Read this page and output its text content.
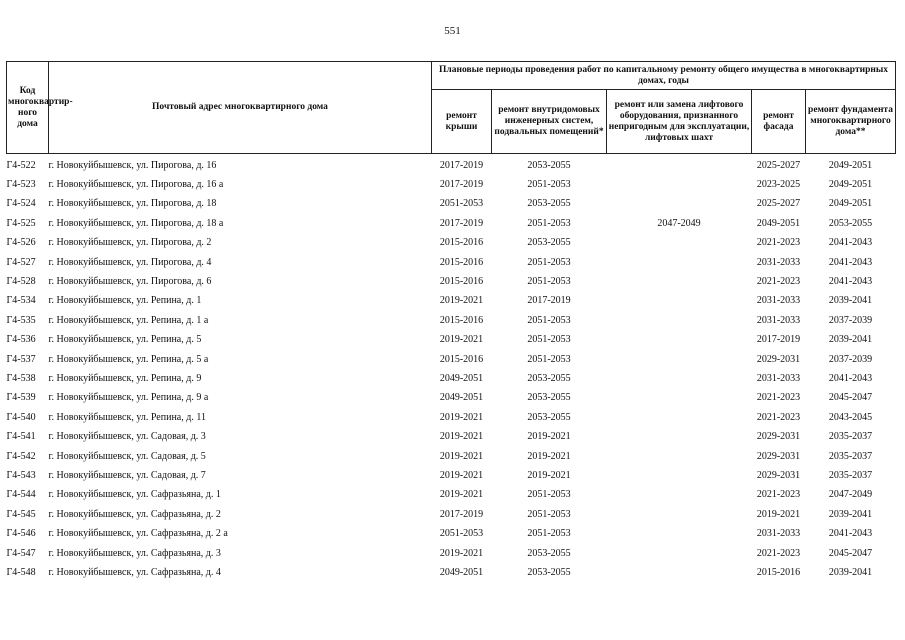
551
Код многоквартир-ного дома	Почтовый адрес многоквартирного дома	Плановые периоды проведения работ по капитальному ремонту общего имущества в многоквартирных домах, годы				
		ремонт крыши	ремонт внутридомовых инженерных систем, подвальных помещений*	ремонт или замена лифтового оборудования, признанного непригодным для эксплуатации, лифтовых шахт	ремонт фасада	ремонт фундамента многоквартирного дома**
Г4-522	г. Новокуйбышевск, ул. Пирогова, д. 16	2017-2019	2053-2055		2025-2027	2049-2051
Г4-523	г. Новокуйбышевск, ул. Пирогова, д. 16 а	2017-2019	2051-2053		2023-2025	2049-2051
Г4-524	г. Новокуйбышевск, ул. Пирогова, д. 18	2051-2053	2053-2055		2025-2027	2049-2051
Г4-525	г. Новокуйбышевск, ул. Пирогова, д. 18 а	2017-2019	2051-2053	2047-2049	2049-2051	2053-2055
Г4-526	г. Новокуйбышевск, ул. Пирогова, д. 2	2015-2016	2053-2055		2021-2023	2041-2043
Г4-527	г. Новокуйбышевск, ул. Пирогова, д. 4	2015-2016	2051-2053		2031-2033	2041-2043
Г4-528	г. Новокуйбышевск, ул. Пирогова, д. 6	2015-2016	2051-2053		2021-2023	2041-2043
Г4-534	г. Новокуйбышевск, ул. Репина, д. 1	2019-2021	2017-2019		2031-2033	2039-2041
Г4-535	г. Новокуйбышевск, ул. Репина, д. 1 а	2015-2016	2051-2053		2031-2033	2037-2039
Г4-536	г. Новокуйбышевск, ул. Репина, д. 5	2019-2021	2051-2053		2017-2019	2039-2041
Г4-537	г. Новокуйбышевск, ул. Репина, д. 5 а	2015-2016	2051-2053		2029-2031	2037-2039
Г4-538	г. Новокуйбышевск, ул. Репина, д. 9	2049-2051	2053-2055		2031-2033	2041-2043
Г4-539	г. Новокуйбышевск, ул. Репина, д. 9 а	2049-2051	2053-2055		2021-2023	2045-2047
Г4-540	г. Новокуйбышевск, ул. Репина, д. 11	2019-2021	2053-2055		2021-2023	2043-2045
Г4-541	г. Новокуйбышевск, ул. Садовая, д. 3	2019-2021	2019-2021		2029-2031	2035-2037
Г4-542	г. Новокуйбышевск, ул. Садовая, д. 5	2019-2021	2019-2021		2029-2031	2035-2037
Г4-543	г. Новокуйбышевск, ул. Садовая, д. 7	2019-2021	2019-2021		2029-2031	2035-2037
Г4-544	г. Новокуйбышевск, ул. Сафразьяна, д. 1	2019-2021	2051-2053		2021-2023	2047-2049
Г4-545	г. Новокуйбышевск, ул. Сафразьяна, д. 2	2017-2019	2051-2053		2019-2021	2039-2041
Г4-546	г. Новокуйбышевск, ул. Сафразьяна, д. 2 а	2051-2053	2051-2053		2031-2033	2041-2043
Г4-547	г. Новокуйбышевск, ул. Сафразьяна, д. 3	2019-2021	2053-2055		2021-2023	2045-2047
Г4-548	г. Новокуйбышевск, ул. Сафразьяна, д. 4	2049-2051	2053-2055		2015-2016	2039-2041
